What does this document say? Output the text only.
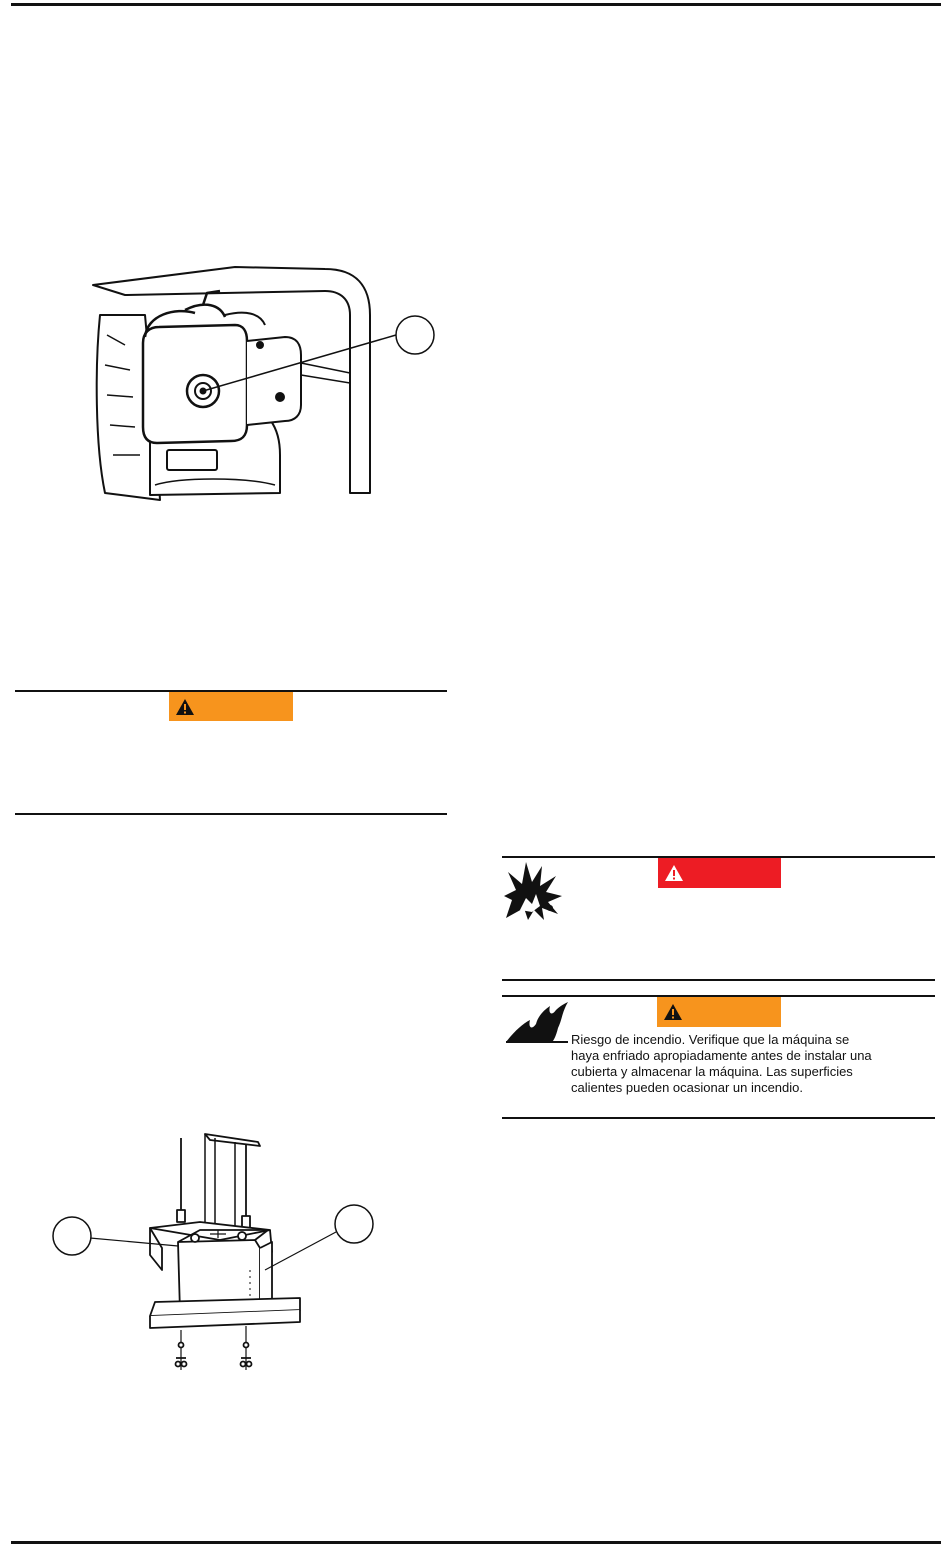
Riesgo de incendio. Verifique que la máquina se
haya enfriado apropiadamente antes de instalar una
cubierta y almacenar la máquina. Las superficies
calientes pueden ocasionar un incendio.
